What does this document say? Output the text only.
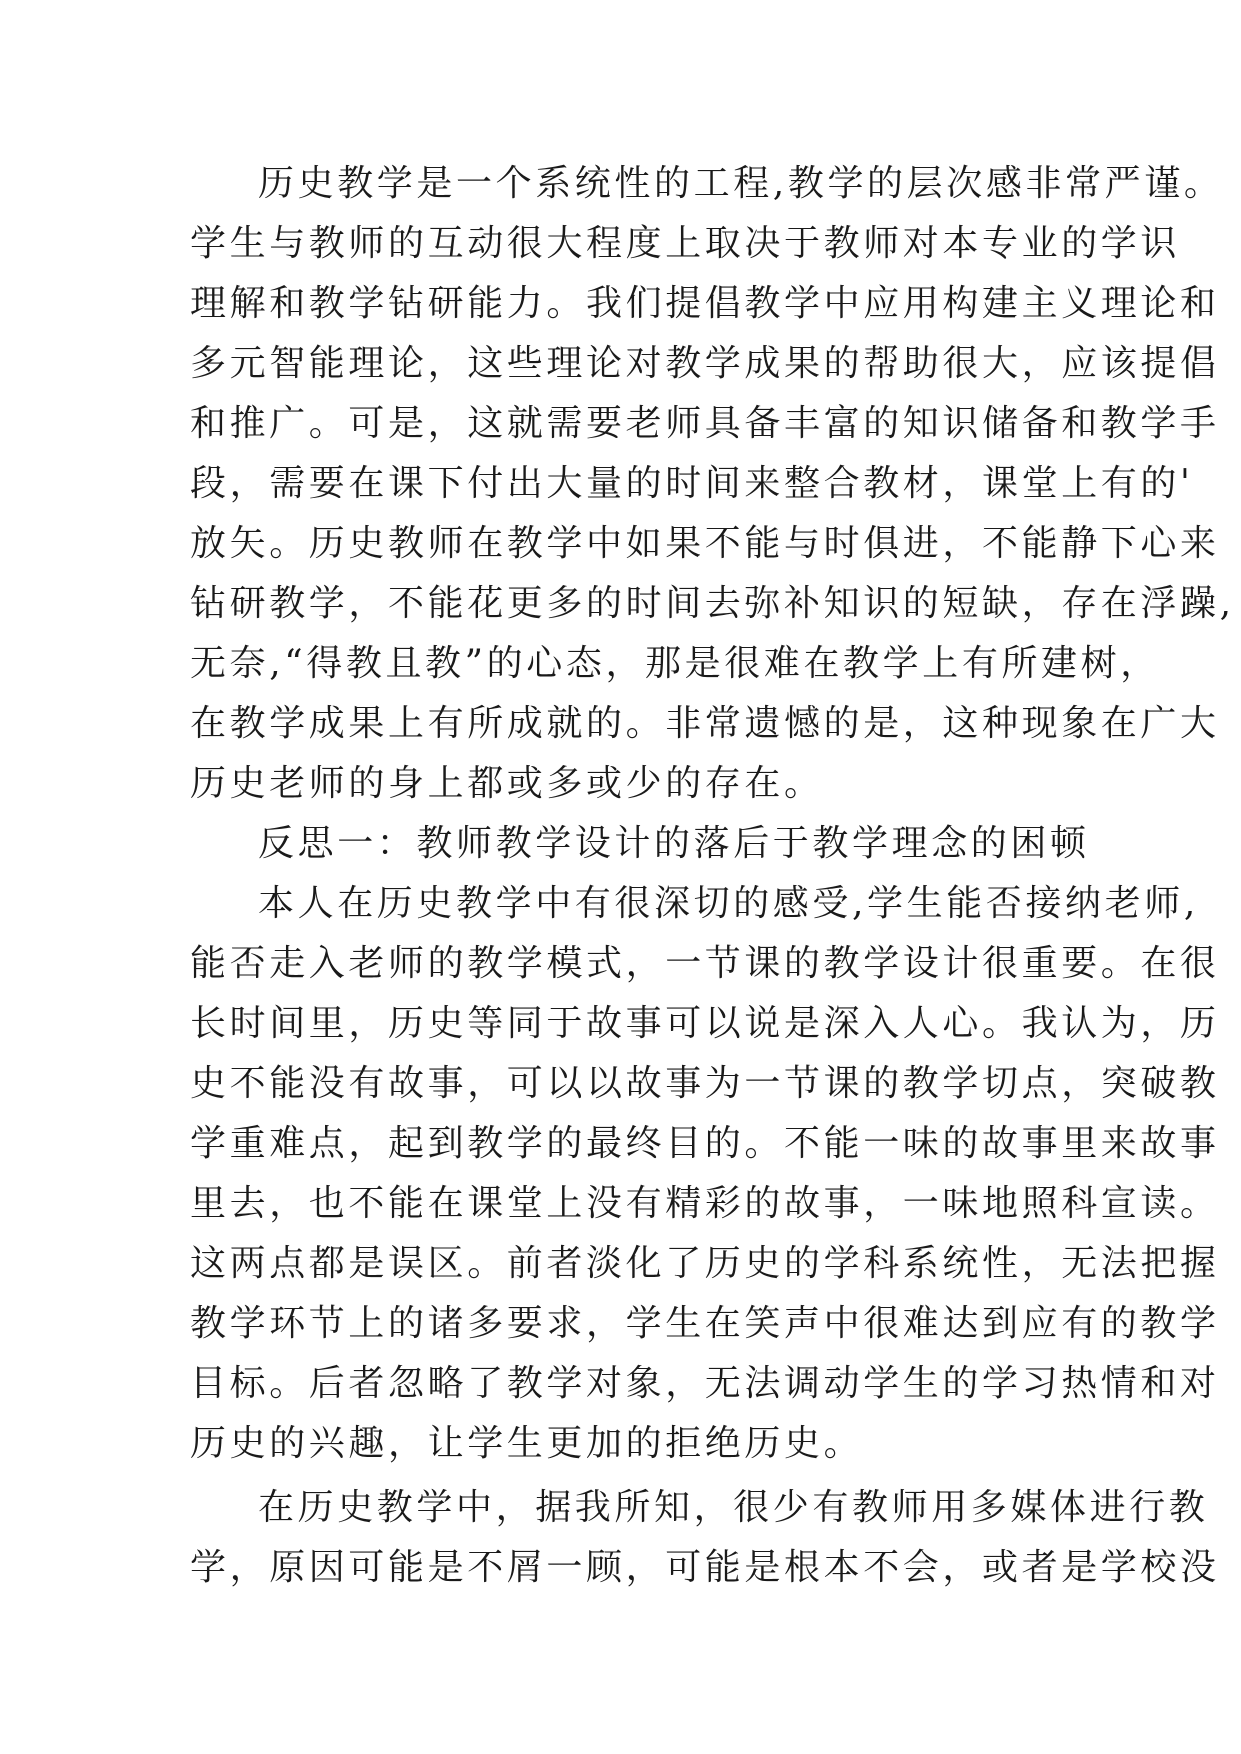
历史教学是一个系统性的工程,教学的层次感非常严谨。
学生与教师的互动很大程度上取决于教师对本专业的学识
理解和教学钻研能力。我们提倡教学中应用构建主义理论和
多元智能理论，这些理论对教学成果的帮助很大，应该提倡
和推广。可是，这就需要老师具备丰富的知识储备和教学手
段，需要在课下付出大量的时间来整合教材，课堂上有的'
放矢。历史教师在教学中如果不能与时俱进，不能静下心来
钻研教学，不能花更多的时间去弥补知识的短缺，存在浮躁,
无奈,“得教且教”的心态，那是很难在教学上有所建树，
在教学成果上有所成就的。非常遗憾的是，这种现象在广大
历史老师的身上都或多或少的存在。
反思一：教师教学设计的落后于教学理念的困顿
本人在历史教学中有很深切的感受,学生能否接纳老师,
能否走入老师的教学模式，一节课的教学设计很重要。在很
长时间里，历史等同于故事可以说是深入人心。我认为，历
史不能没有故事，可以以故事为一节课的教学切点，突破教
学重难点，起到教学的最终目的。不能一味的故事里来故事
里去，也不能在课堂上没有精彩的故事，一味地照科宣读。
这两点都是误区。前者淡化了历史的学科系统性，无法把握
教学环节上的诸多要求，学生在笑声中很难达到应有的教学
目标。后者忽略了教学对象，无法调动学生的学习热情和对
历史的兴趣，让学生更加的拒绝历史。
在历史教学中，据我所知，很少有教师用多媒体进行教
学，原因可能是不屑一顾，可能是根本不会，或者是学校没
